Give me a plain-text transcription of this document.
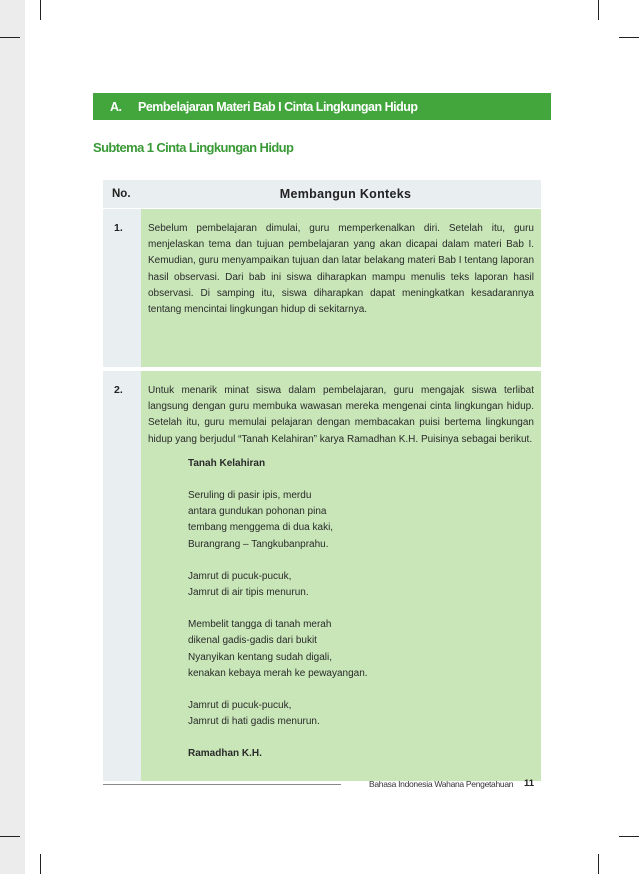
A.	Pembelajaran Materi Bab I Cinta Lingkungan Hidup
Subtema 1 Cinta Lingkungan Hidup
No.	Membangun Konteks
1.	Sebelum pembelajaran dimulai, guru memperkenalkan diri. Setelah itu, guru menjelaskan tema dan tujuan pembelajaran yang akan dicapai dalam materi Bab I. Kemudian, guru menyampaikan tujuan dan latar belakang materi Bab I tentang laporan hasil observasi. Dari bab ini siswa diharapkan mampu menulis teks laporan hasil observasi. Di samping itu, siswa diharapkan dapat meningkatkan kesadarannya tentang mencintai lingkungan hidup di sekitarnya.
2.	Untuk menarik minat siswa dalam pembelajaran, guru mengajak siswa terlibat langsung dengan guru membuka wawasan mereka mengenai cinta lingkungan hidup. Setelah itu, guru memulai pelajaran dengan membacakan puisi bertema lingkungan hidup yang berjudul “Tanah Kelahiran” karya Ramadhan K.H. Puisinya sebagai berikut.
Tanah Kelahiran
Seruling di pasir ipis, merdu
antara gundukan pohonan pina
tembang menggema di dua kaki,
Burangrang – Tangkubanprahu.
Jamrut di pucuk-pucuk,
Jamrut di air tipis menurun.
Membelit tangga di tanah merah
dikenal gadis-gadis dari bukit
Nyanyikan kentang sudah digali,
kenakan kebaya merah ke pewayangan.
Jamrut di pucuk-pucuk,
Jamrut di hati gadis menurun.
Ramadhan K.H.
Bahasa Indonesia Wahana Pengetahuan 11
